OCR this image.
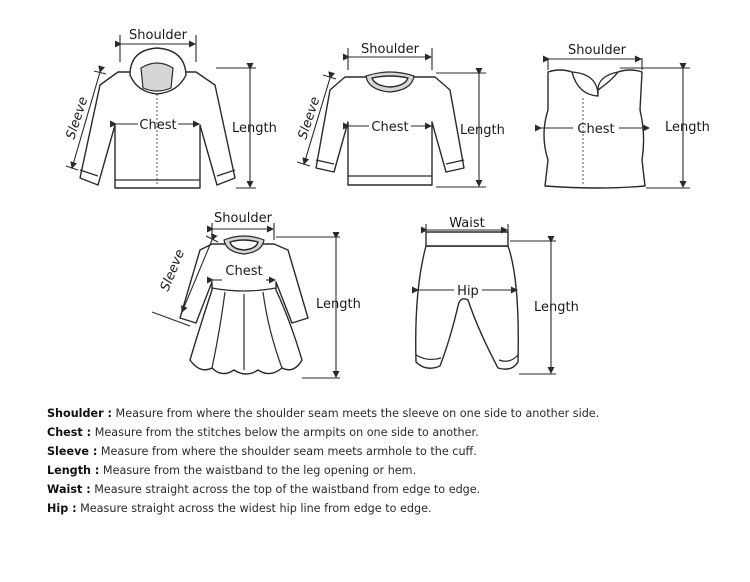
Shoulder
Chest	Length
Sleeve
Shoulder
Chest	Length
Sleeve
Shoulder
Chest	Length
Shoulder
Chest
Length
Sleeve
Waist
Hip
Length
Shoulder : Measure from where the shoulder seam meets the sleeve on one side to another side.
Chest : Measure from the stitches below the armpits on one side to another.
Sleeve : Measure from where the shoulder seam meets armhole to the cuff.
Length : Measure from the waistband to the leg opening or hem.
Waist : Measure straight across the top of the waistband from edge to edge.
Hip : Measure straight across the widest hip line from edge to edge.
